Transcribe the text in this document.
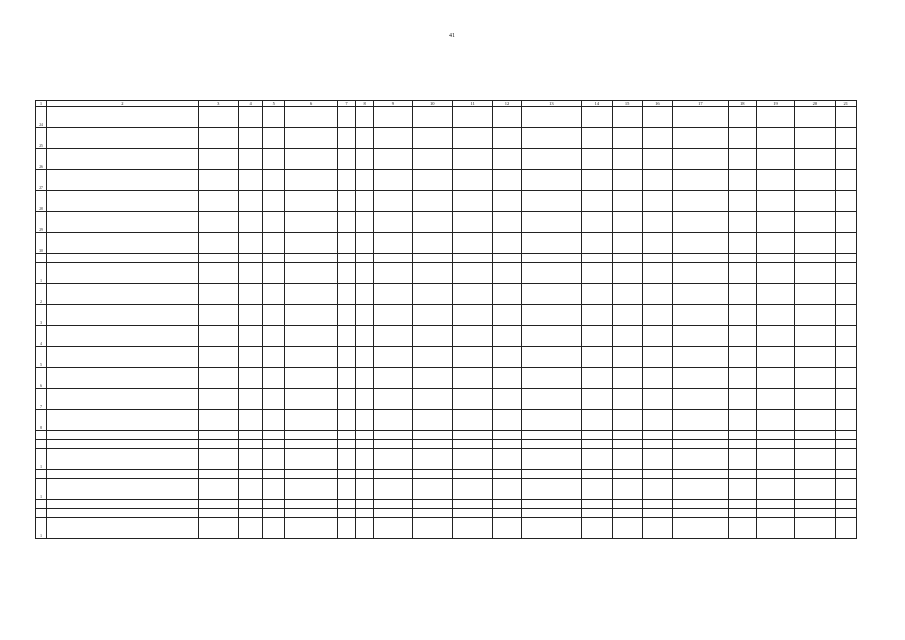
41
1	2	3	4	5	6	7	8	9	10	11	12	13	14	15	16	17	18	19	20	21
24																				
25																				
26																				
27																				
28																				
29																				
30																				

1																				
2																				
3																				
4																				
5																				
6																				
7																				
8																				

1																				

1																				

1																				
